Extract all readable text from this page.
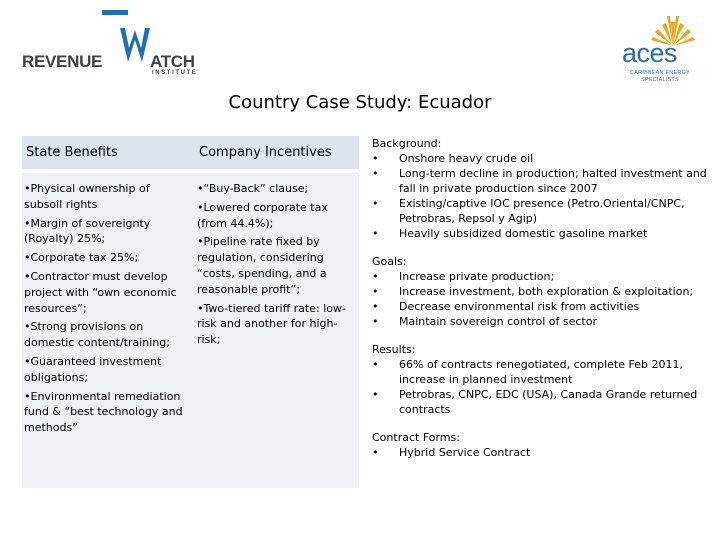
REVENUE	ATCH
INSTITUTE
aces
CARIBBEAN ENERGY SPECIALISTS
Country Case Study: Ecuador
State Benefits	Company Incentives
•Physical ownership of subsoil rights
•Margin of sovereignty (Royalty) 25%;
•Corporate tax 25%;
•Contractor must develop project with “own economic resources”;
•Strong provisions on domestic content/training;
•Guaranteed investment obligations;
•Environmental remediation fund & “best technology and methods”
•“Buy-Back” clause;
•Lowered corporate tax (from 44.4%);
•Pipeline rate fixed by regulation, considering “costs, spending, and a reasonable profit”;
•Two-tiered tariff rate: low-risk and another for high-risk;
Background:
• Onshore heavy crude oil
• Long-term decline in production; halted investment and fall in private production since 2007
• Existing/captive IOC presence (Petro.Oriental/CNPC, Petrobras, Repsol y Agip)
• Heavily subsidized domestic gasoline market
Goals:
• Increase private production;
• Increase investment, both exploration & exploitation;
• Decrease environmental risk from activities
• Maintain sovereign control of sector
Results:
• 66% of contracts renegotiated, complete Feb 2011, increase in planned investment
• Petrobras, CNPC, EDC (USA), Canada Grande returned contracts
Contract Forms:
• Hybrid Service Contract
